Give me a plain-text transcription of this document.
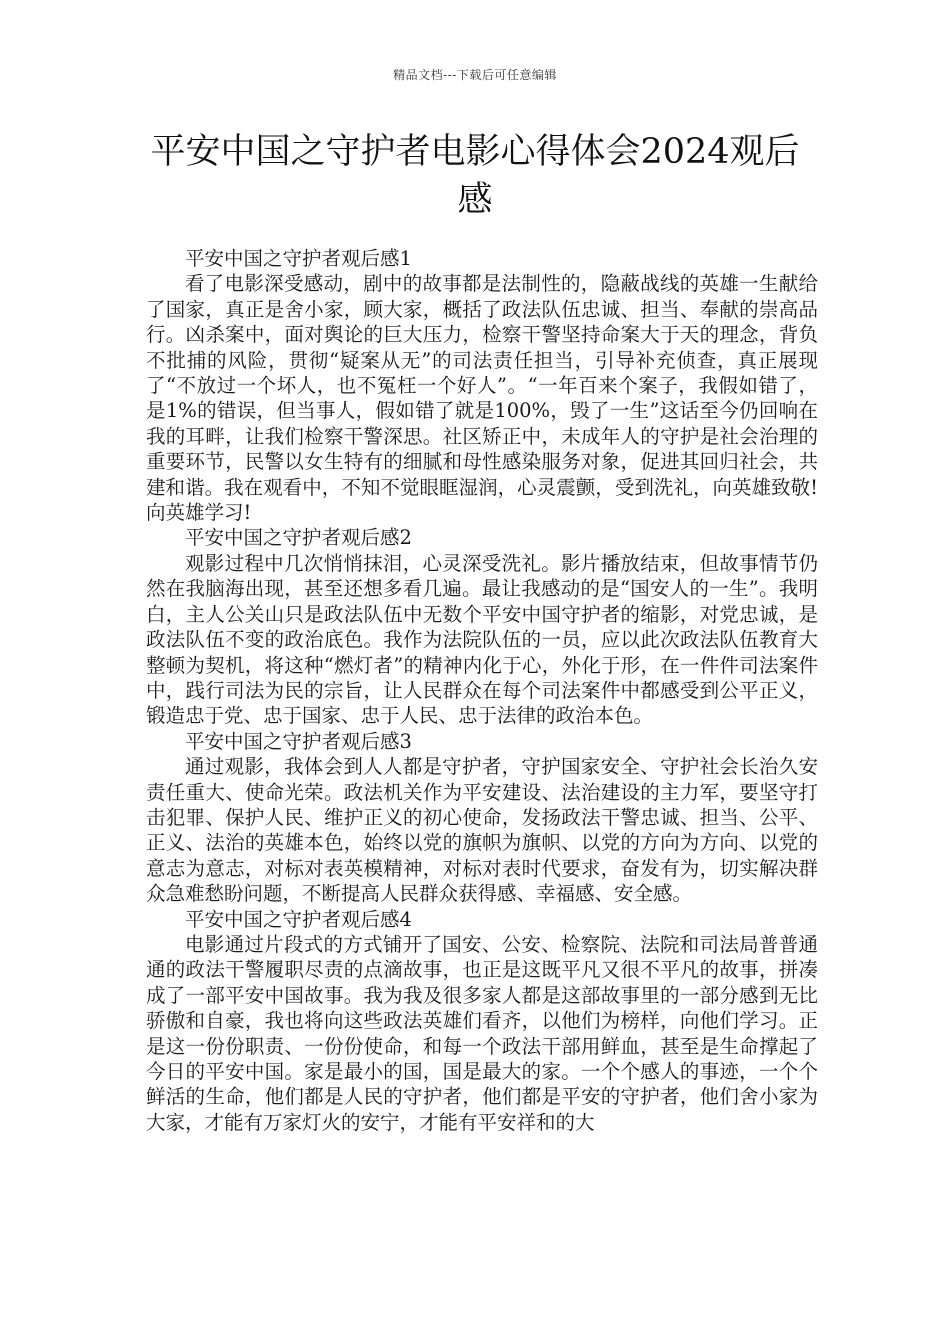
精品文档---下载后可任意编辑
平安中国之守护者电影心得体会2024观后感

平安中国之守护者观后感1

看了电影深受感动，剧中的故事都是法制性的，隐蔽战线的英雄一生献给了国家，真正是舍小家，顾大家，概括了政法队伍忠诚、担当、奉献的崇高品行。凶杀案中，面对舆论的巨大压力，检察干警坚持命案大于天的理念，背负不批捕的风险，贯彻“疑案从无”的司法责任担当，引导补充侦查，真正展现了“不放过一个坏人，也不冤枉一个好人”。“一年百来个案子，我假如错了，是1%的错误，但当事人，假如错了就是100%，毁了一生”这话至今仍回响在我的耳畔，让我们检察干警深思。社区矫正中，未成年人的守护是社会治理的重要环节，民警以女生特有的细腻和母性感染服务对象，促进其回归社会，共建和谐。我在观看中，不知不觉眼眶湿润，心灵震颤，受到洗礼，向英雄致敬!向英雄学习!

平安中国之守护者观后感2

观影过程中几次悄悄抹泪，心灵深受洗礼。影片播放结束，但故事情节仍然在我脑海出现，甚至还想多看几遍。最让我感动的是“国安人的一生”。我明白，主人公关山只是政法队伍中无数个平安中国守护者的缩影，对党忠诚，是政法队伍不变的政治底色。我作为法院队伍的一员，应以此次政法队伍教育大整顿为契机，将这种“燃灯者”的精神内化于心，外化于形，在一件件司法案件中，践行司法为民的宗旨，让人民群众在每个司法案件中都感受到公平正义，锻造忠于党、忠于国家、忠于人民、忠于法律的政治本色。

平安中国之守护者观后感3

通过观影，我体会到人人都是守护者，守护国家安全、守护社会长治久安责任重大、使命光荣。政法机关作为平安建设、法治建设的主力军，要坚守打击犯罪、保护人民、维护正义的初心使命，发扬政法干警忠诚、担当、公平、正义、法治的英雄本色，始终以党的旗帜为旗帜、以党的方向为方向、以党的意志为意志，对标对表英模精神，对标对表时代要求，奋发有为，切实解决群众急难愁盼问题，不断提高人民群众获得感、幸福感、安全感。

平安中国之守护者观后感4

电影通过片段式的方式铺开了国安、公安、检察院、法院和司法局普普通通的政法干警履职尽责的点滴故事，也正是这既平凡又很不平凡的故事，拼凑成了一部平安中国故事。我为我及很多家人都是这部故事里的一部分感到无比骄傲和自豪，我也将向这些政法英雄们看齐，以他们为榜样，向他们学习。正是这一份份职责、一份份使命，和每一个政法干部用鲜血，甚至是生命撑起了今日的平安中国。家是最小的国，国是最大的家。一个个感人的事迹，一个个鲜活的生命，他们都是人民的守护者，他们都是平安的守护者，他们舍小家为大家，才能有万家灯火的安宁，才能有平安祥和的大
